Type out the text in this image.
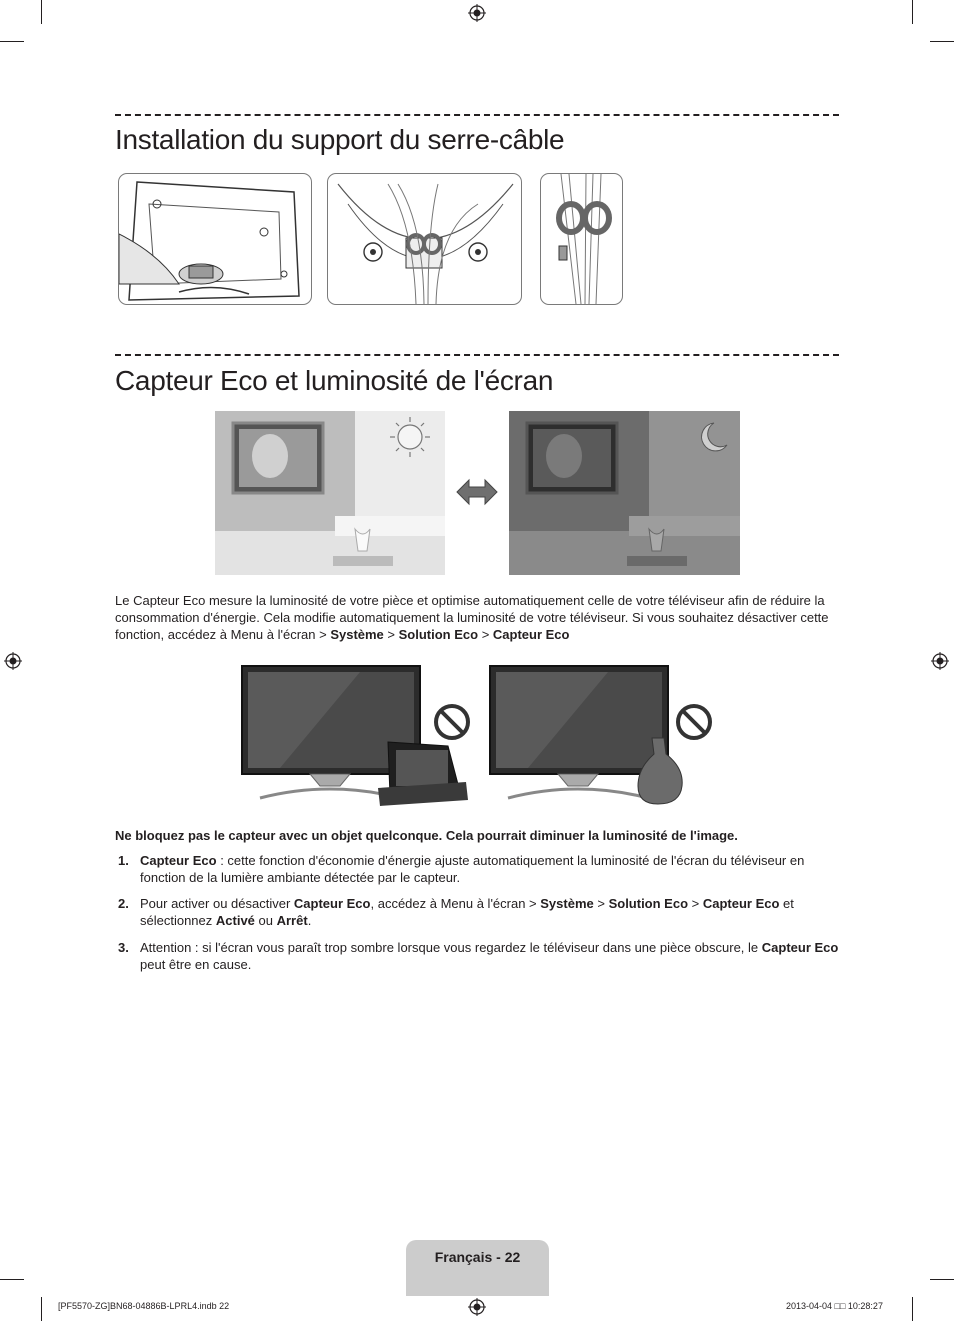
Installation du support du serre-câble
Capteur Eco et luminosité de l'écran

Le Capteur Eco mesure la luminosité de votre pièce et optimise automatiquement celle de votre téléviseur afin de réduire la consommation d'énergie. Cela modifie automatiquement la luminosité de votre téléviseur. Si vous souhaitez désactiver cette fonction, accédez à Menu à l'écran > Système > Solution Eco > Capteur Eco

Ne bloquez pas le capteur avec un objet quelconque. Cela pourrait diminuer la luminosité de l'image.

1. Capteur Eco : cette fonction d'économie d'énergie ajuste automatiquement la luminosité de l'écran du téléviseur en fonction de la lumière ambiante détectée par le capteur.
2. Pour activer ou désactiver Capteur Eco, accédez à Menu à l'écran > Système > Solution Eco > Capteur Eco et sélectionnez Activé ou Arrêt.
3. Attention : si l'écran vous paraît trop sombre lorsque vous regardez le téléviseur dans une pièce obscure, le Capteur Eco peut être en cause.
Français - 22
[PF5570-ZG]BN68-04886B-LPRL4.indb 22	2013-04-04 □□ 10:28:27
